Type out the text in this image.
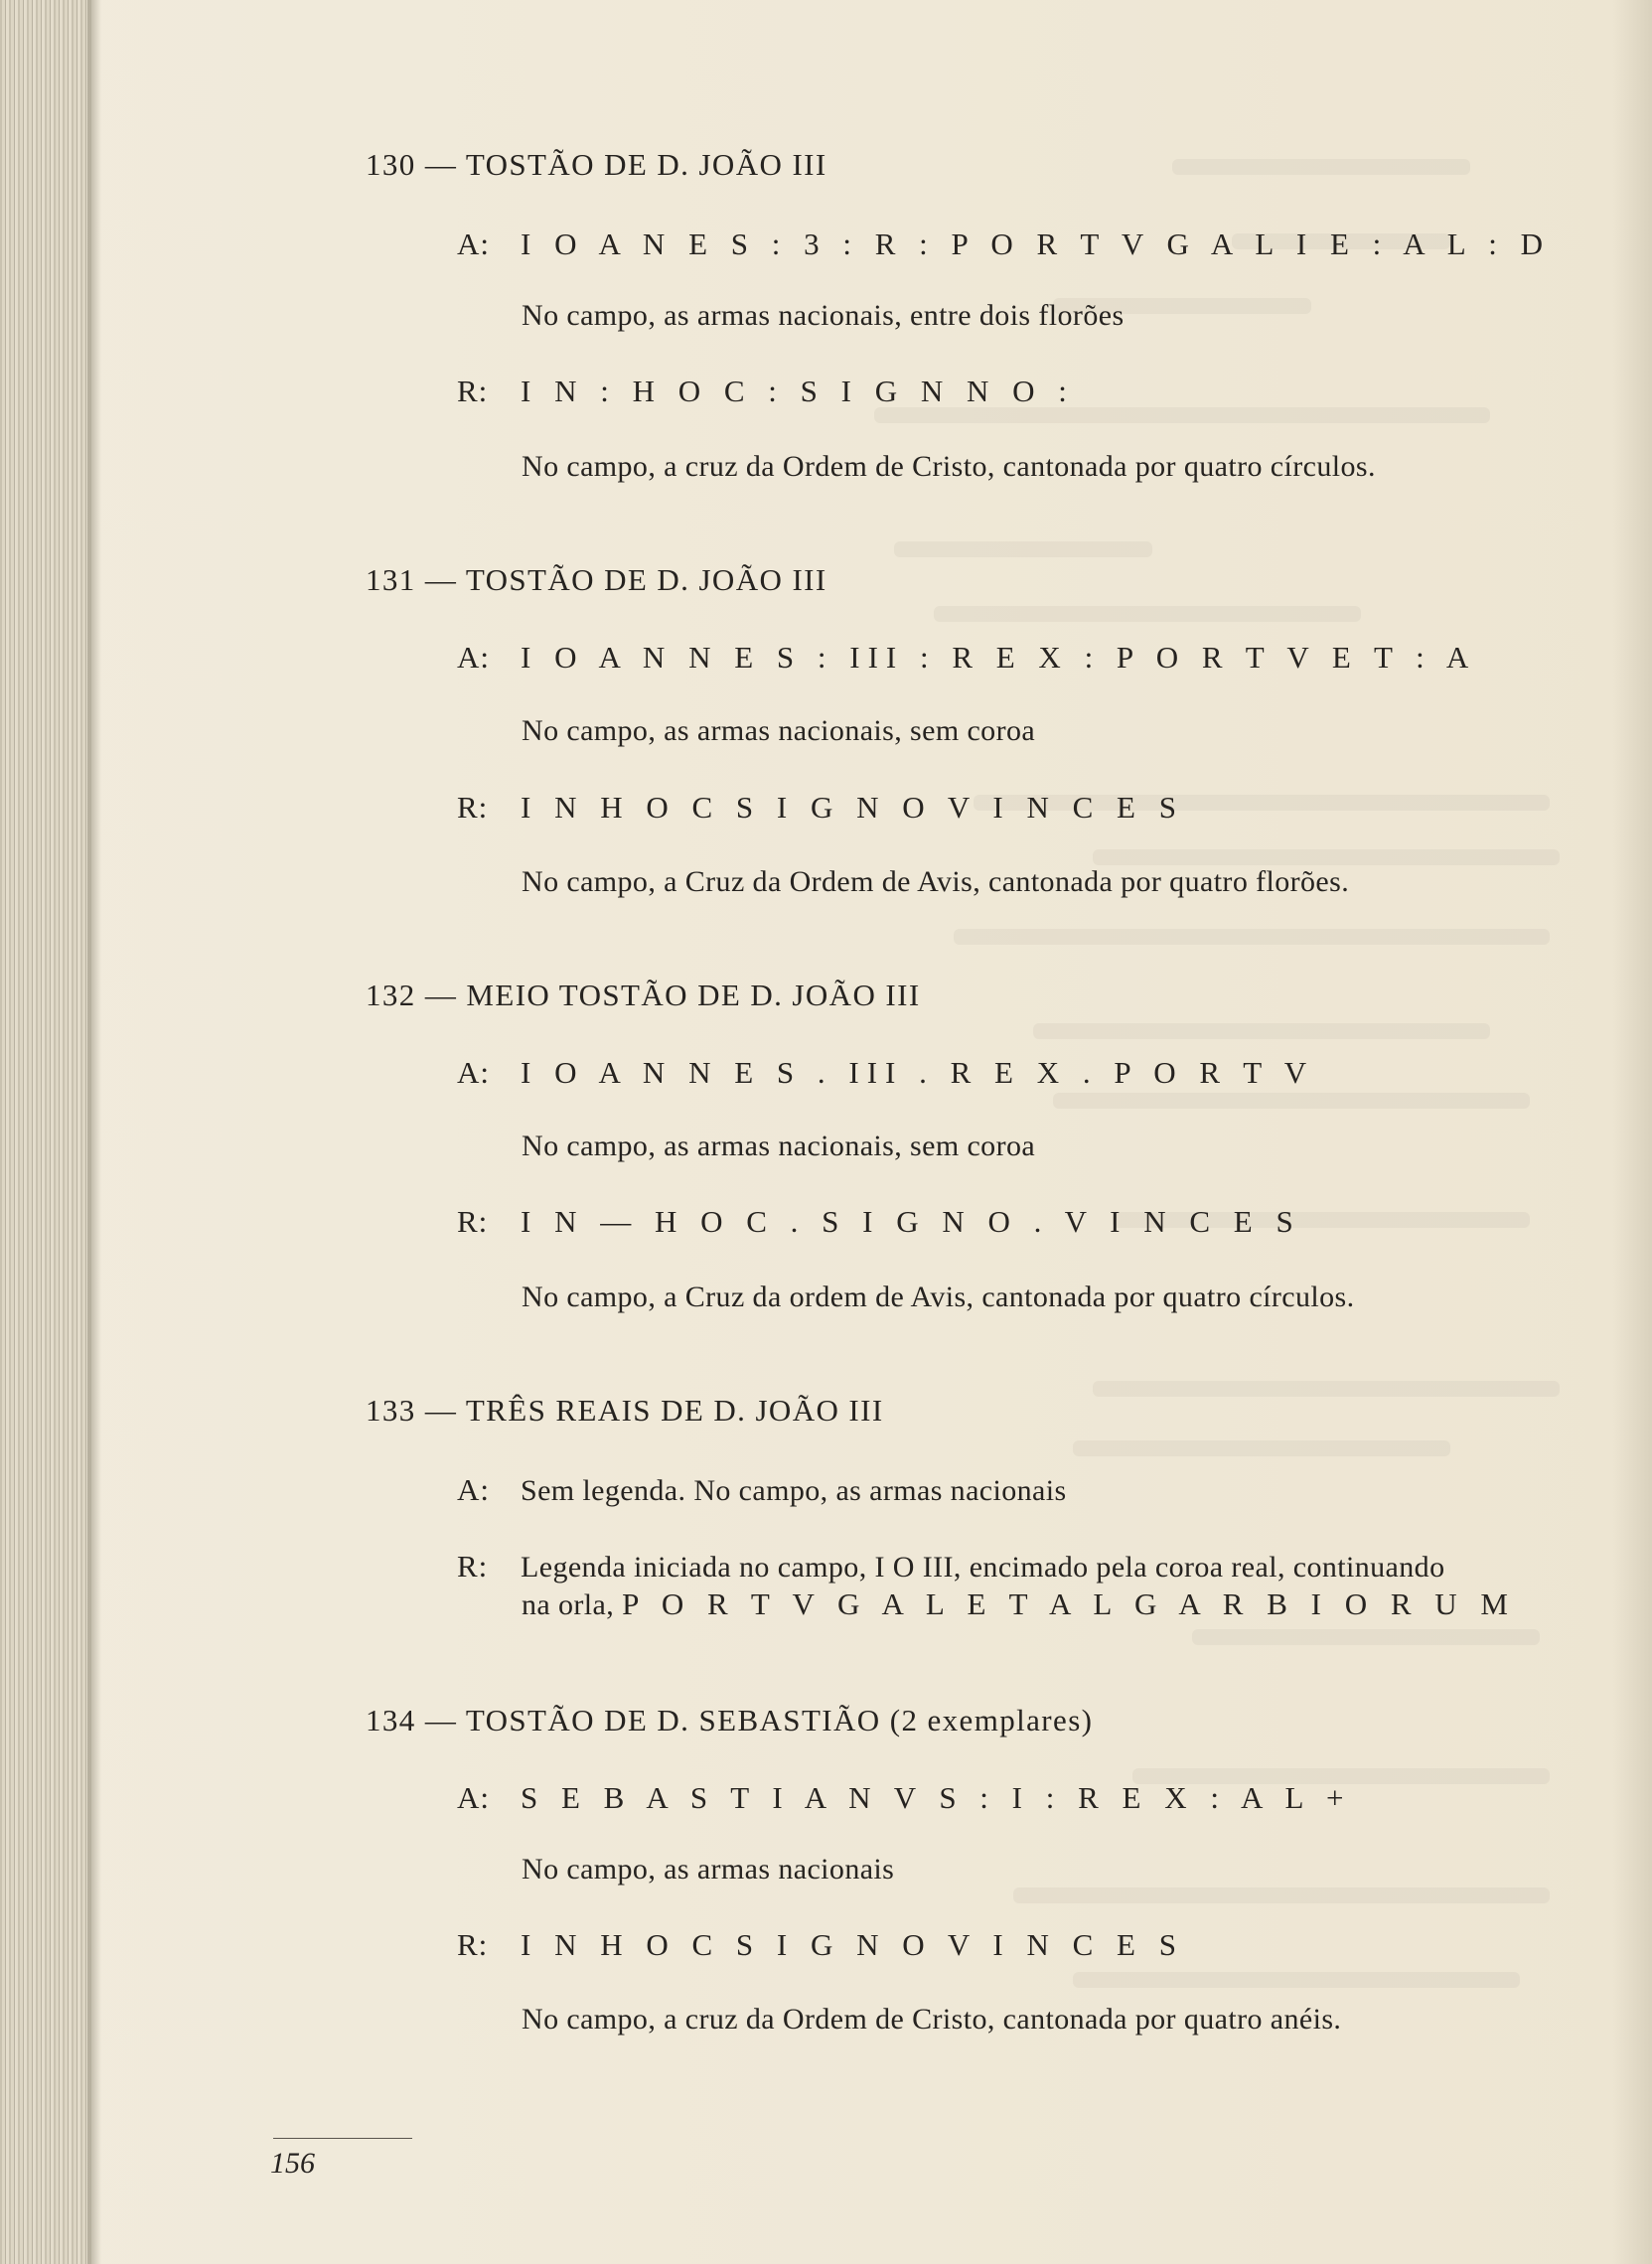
130 — TOSTÃO DE D. JOÃO III
A: I O A N E S : 3 : R : P O R T V G A L I E : A L : D
No campo, as armas nacionais, entre dois florões
R: I N : H O C : S I G N N O :
No campo, a cruz da Ordem de Cristo, cantonada por quatro círculos.
131 — TOSTÃO DE D. JOÃO III
A: I O A N N E S : III : R E X : P O R T V E T : A
No campo, as armas nacionais, sem coroa
R: I N H O C S I G N O V I N C E S
No campo, a Cruz da Ordem de Avis, cantonada por quatro florões.
132 — MEIO TOSTÃO DE D. JOÃO III
A: I O A N N E S . III . R E X . P O R T V
No campo, as armas nacionais, sem coroa
R: I N — H O C . S I G N O . V I N C E S
No campo, a Cruz da ordem de Avis, cantonada por quatro círculos.
133 — TRÊS REAIS DE D. JOÃO III
A: Sem legenda. No campo, as armas nacionais
R: Legenda iniciada no campo, I O III, encimado pela coroa real, continuando
na orla, P O R T V G A L E T A L G A R B I O R U M
134 — TOSTÃO DE D. SEBASTIÃO (2 exemplares)
A: S E B A S T I A N V S : I : R E X : A L +
No campo, as armas nacionais
R: I N H O C S I G N O V I N C E S
No campo, a cruz da Ordem de Cristo, cantonada por quatro anéis.
156
